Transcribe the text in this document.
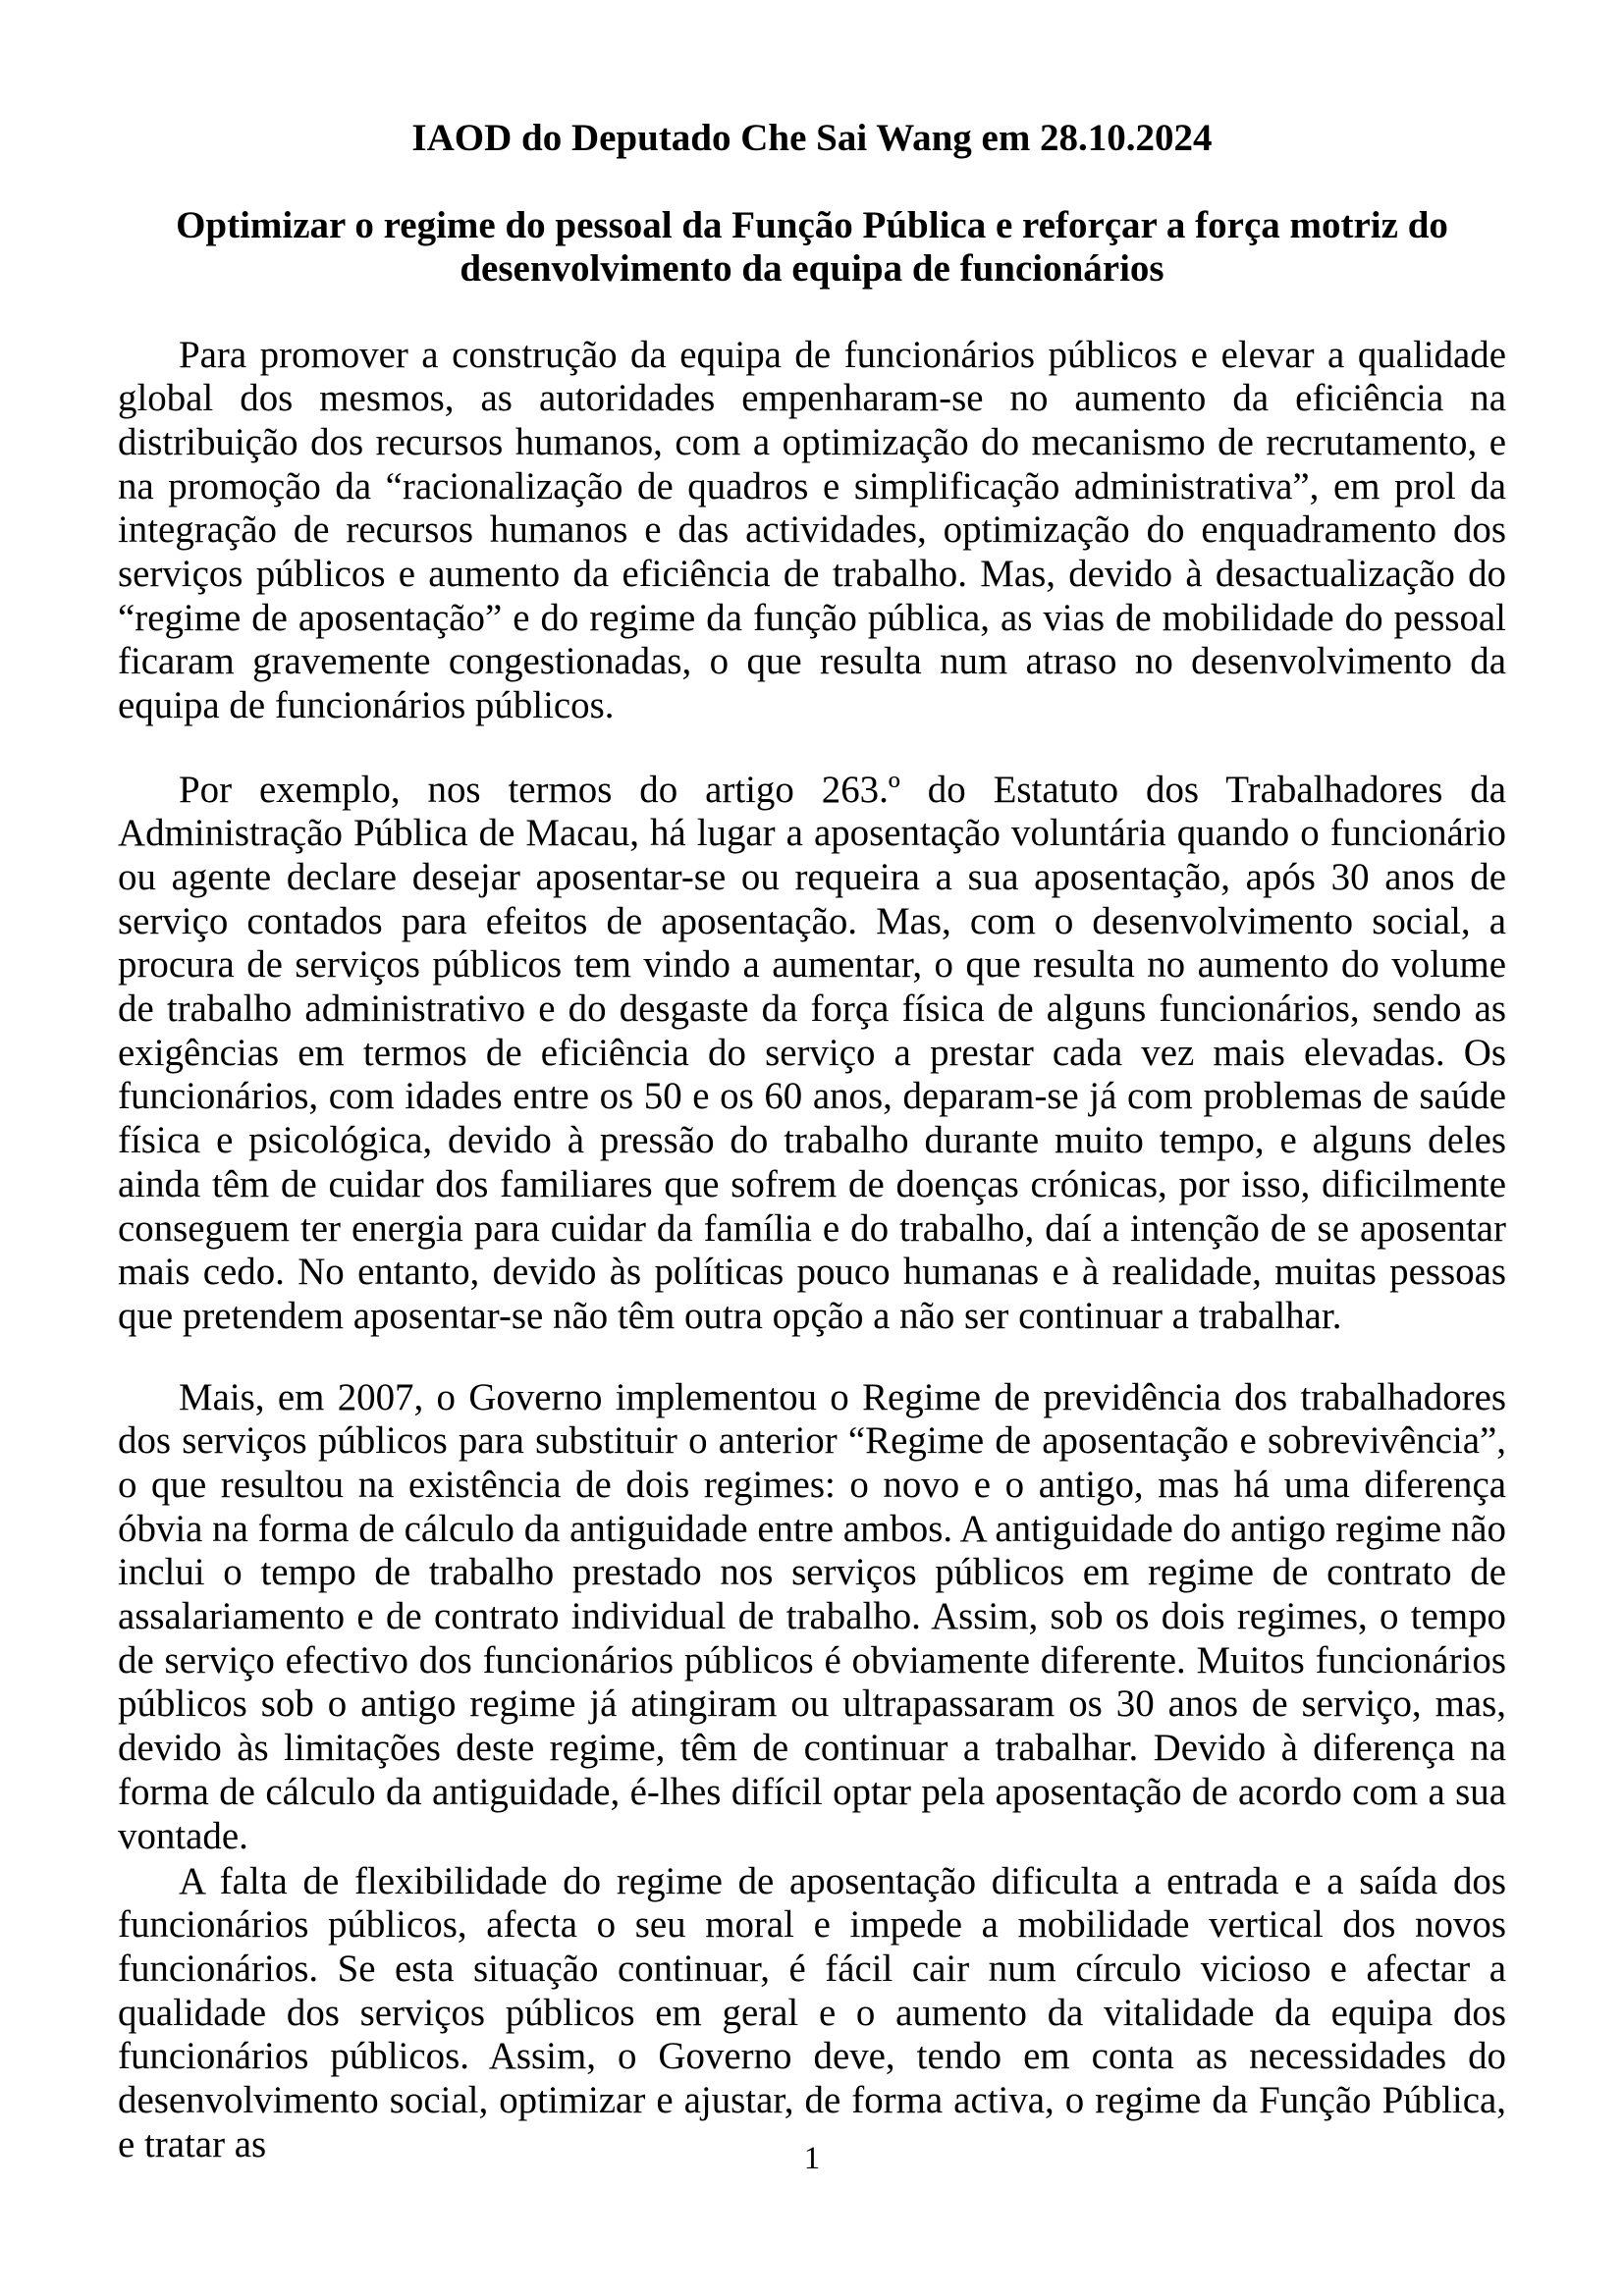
IAOD do Deputado Che Sai Wang em 28.10.2024
Optimizar o regime do pessoal da Função Pública e reforçar a força motriz do
desenvolvimento da equipa de funcionários

Para promover a construção da equipa de funcionários públicos e elevar a qualidade global dos mesmos, as autoridades empenharam-se no aumento da eficiência na distribuição dos recursos humanos, com a optimização do mecanismo de recrutamento, e na promoção da “racionalização de quadros e simplificação administrativa”, em prol da integração de recursos humanos e das actividades, optimização do enquadramento dos serviços públicos e aumento da eficiência de trabalho. Mas, devido à desactualização do “regime de aposentação” e do regime da função pública, as vias de mobilidade do pessoal ficaram gravemente congestionadas, o que resulta num atraso no desenvolvimento da equipa de funcionários públicos.

Por exemplo, nos termos do artigo 263.º do Estatuto dos Trabalhadores da Administração Pública de Macau, há lugar a aposentação voluntária quando o funcionário ou agente declare desejar aposentar-se ou requeira a sua aposentação, após 30 anos de serviço contados para efeitos de aposentação. Mas, com o desenvolvimento social, a procura de serviços públicos tem vindo a aumentar, o que resulta no aumento do volume de trabalho administrativo e do desgaste da força física de alguns funcionários, sendo as exigências em termos de eficiência do serviço a prestar cada vez mais elevadas. Os funcionários, com idades entre os 50 e os 60 anos, deparam-se já com problemas de saúde física e psicológica, devido à pressão do trabalho durante muito tempo, e alguns deles ainda têm de cuidar dos familiares que sofrem de doenças crónicas, por isso, dificilmente conseguem ter energia para cuidar da família e do trabalho, daí a intenção de se aposentar mais cedo. No entanto, devido às políticas pouco humanas e à realidade, muitas pessoas que pretendem aposentar-se não têm outra opção a não ser continuar a trabalhar.

Mais, em 2007, o Governo implementou o Regime de previdência dos trabalhadores dos serviços públicos para substituir o anterior “Regime de aposentação e sobrevivência”, o que resultou na existência de dois regimes: o novo e o antigo, mas há uma diferença óbvia na forma de cálculo da antiguidade entre ambos. A antiguidade do antigo regime não inclui o tempo de trabalho prestado nos serviços públicos em regime de contrato de assalariamento e de contrato individual de trabalho. Assim, sob os dois regimes, o tempo de serviço efectivo dos funcionários públicos é obviamente diferente. Muitos funcionários públicos sob o antigo regime já atingiram ou ultrapassaram os 30 anos de serviço, mas, devido às limitações deste regime, têm de continuar a trabalhar. Devido à diferença na forma de cálculo da antiguidade, é-lhes difícil optar pela aposentação de acordo com a sua vontade.

A falta de flexibilidade do regime de aposentação dificulta a entrada e a saída dos funcionários públicos, afecta o seu moral e impede a mobilidade vertical dos novos funcionários. Se esta situação continuar, é fácil cair num círculo vicioso e afectar a qualidade dos serviços públicos em geral e o aumento da vitalidade da equipa dos funcionários públicos. Assim, o Governo deve, tendo em conta as necessidades do desenvolvimento social, optimizar e ajustar, de forma activa, o regime da Função Pública, e tratar as	1
